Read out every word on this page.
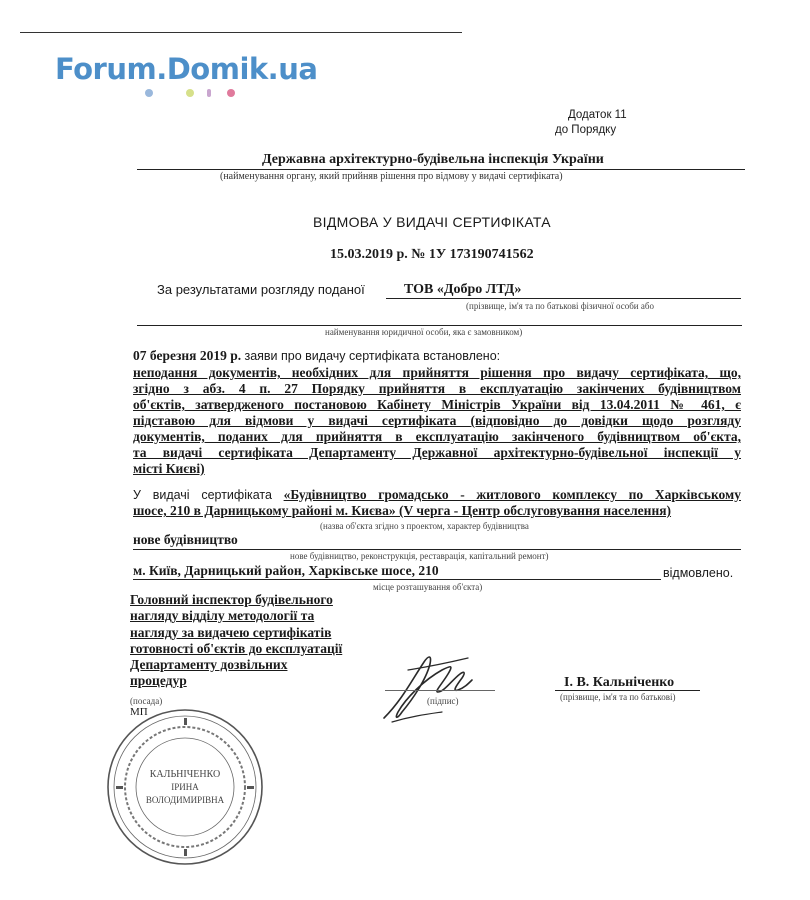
Forum.Domik.ua
Додаток 11
до Порядку
Державна архітектурно-будівельна інспекція України
(найменування органу, який прийняв рішення про відмову у видачі сертифіката)
ВІДМОВА У ВИДАЧІ СЕРТИФІКАТА
15.03.2019 р. № 1У 173190741562
За результатами розгляду поданої	ТОВ «Добро ЛТД»
(прізвище, ім'я та по батькові фізичної особи або
найменування юридичної особи, яка є замовником)
07 березня 2019 р. заяви про видачу сертифіката встановлено:
неподання документів, необхідних для прийняття рішення про видачу сертифіката, що,
згідно з абз. 4 п. 27 Порядку прийняття в експлуатацію закінчених будівництвом
об'єктів, затвердженого постановою Кабінету Міністрів України від 13.04.2011 № 461, є
підставою для відмови у видачі сертифіката (відповідно до довідки щодо розгляду
документів, поданих для прийняття в експлуатацію закінченого будівництвом об'єкта,
та видачі сертифіката Департаменту Державної архітектурно-будівельної інспекції у
місті Києві)
У видачі сертифіката «Будівництво громадсько - житлового комплексу по Харківському
шосе, 210 в Дарницькому районі м. Києва» (V черга - Центр обслуговування населення)
(назва об'єкта згідно з проектом, характер будівництва
нове будівництво
нове будівництво, реконструкція, реставрація, капітальний ремонт)
м. Київ, Дарницький район, Харківське шосе, 210	відмовлено.
місце розташування об'єкта)
Головний інспектор будівельного
нагляду відділу методології та
нагляду за видачею сертифікатів
готовності об'єктів до експлуатації
Департаменту дозвільних
процедур
(посада)
МП
(підпис)
І. В. Кальніченко
(прізвище, ім'я та по батькові)
КАЛЬНІЧЕНКО
ІРИНА
ВОЛОДИМИРІВНА
